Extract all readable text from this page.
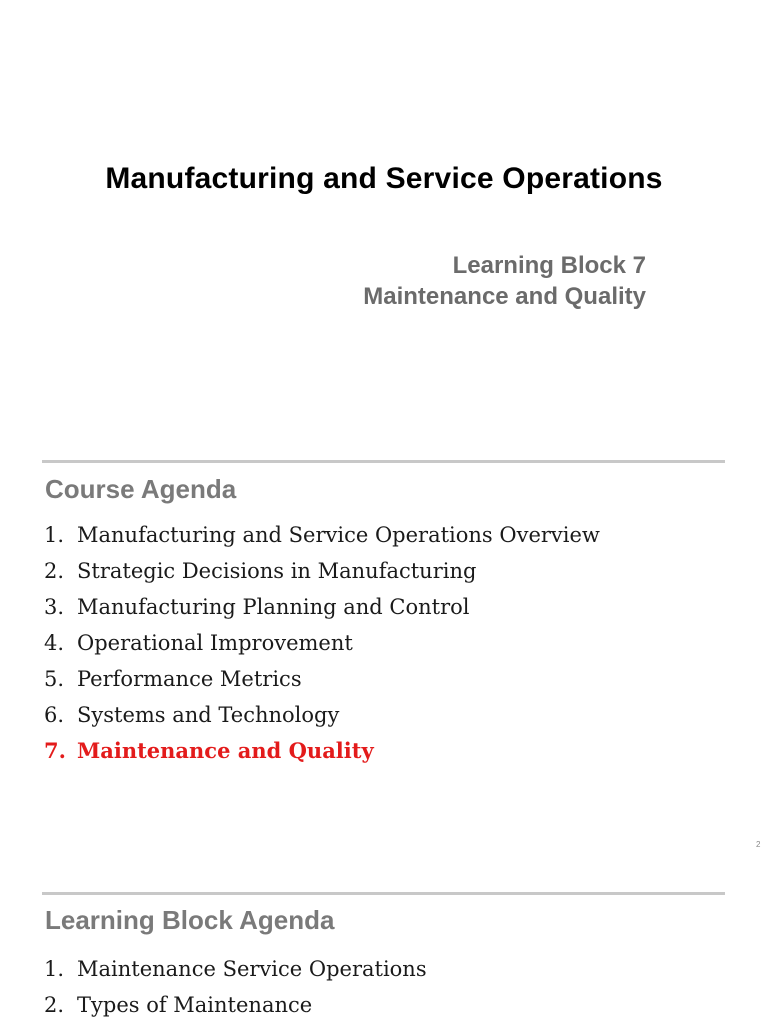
Manufacturing and Service Operations
Learning Block 7
Maintenance and Quality
Course Agenda
1. Manufacturing and Service Operations Overview
2. Strategic Decisions in Manufacturing
3. Manufacturing Planning and Control
4. Operational Improvement
5. Performance Metrics
6. Systems and Technology
7. Maintenance and Quality
2
Learning Block Agenda
1. Maintenance Service Operations
2. Types of Maintenance
